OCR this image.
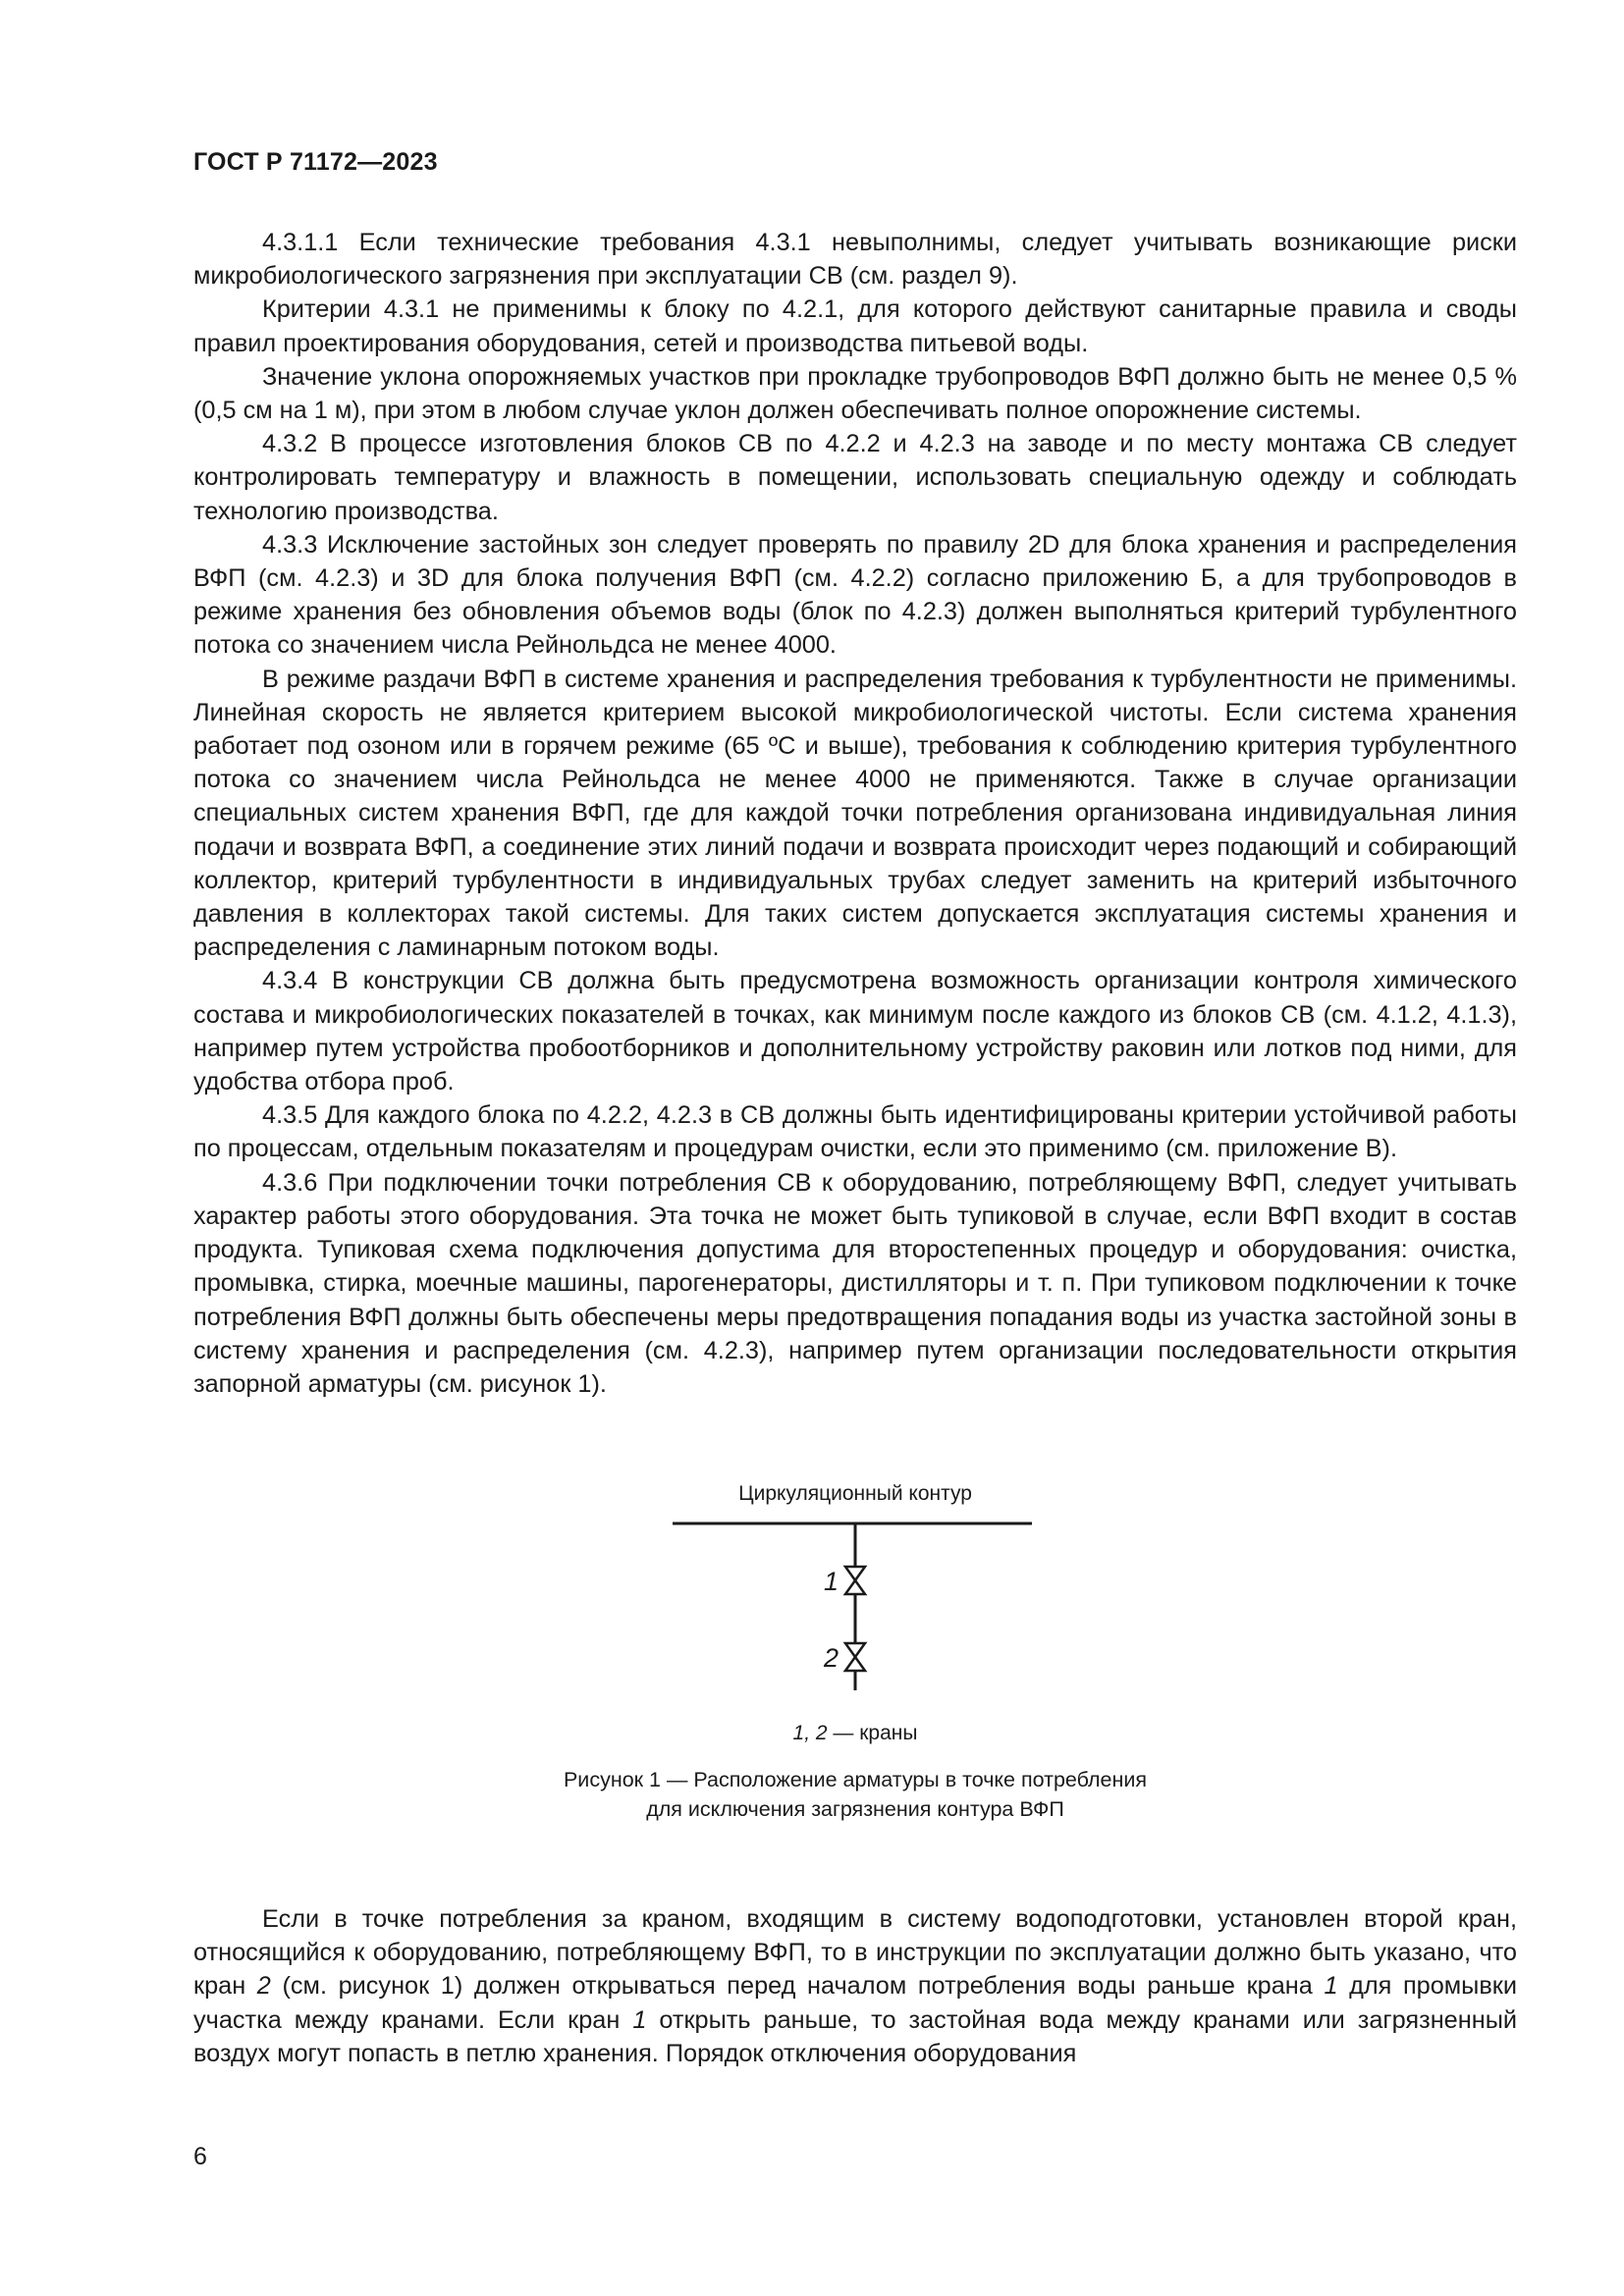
ГОСТ Р 71172—2023

4.3.1.1 Если технические требования 4.3.1 невыполнимы, следует учитывать возникающие риски микробиологического загрязнения при эксплуатации СВ (см. раздел 9).

Критерии 4.3.1 не применимы к блоку по 4.2.1, для которого действуют санитарные правила и своды правил проектирования оборудования, сетей и производства питьевой воды.

Значение уклона опорожняемых участков при прокладке трубопроводов ВФП должно быть не менее 0,5 % (0,5 см на 1 м), при этом в любом случае уклон должен обеспечивать полное опорожнение системы.

4.3.2 В процессе изготовления блоков СВ по 4.2.2 и 4.2.3 на заводе и по месту монтажа СВ следует контролировать температуру и влажность в помещении, использовать специальную одежду и соблюдать технологию производства.

4.3.3 Исключение застойных зон следует проверять по правилу 2D для блока хранения и распределения ВФП (см. 4.2.3) и 3D для блока получения ВФП (см. 4.2.2) согласно приложению Б, а для трубопроводов в режиме хранения без обновления объемов воды (блок по 4.2.3) должен выполняться критерий турбулентного потока со значением числа Рейнольдса не менее 4000.

В режиме раздачи ВФП в системе хранения и распределения требования к турбулентности не применимы. Линейная скорость не является критерием высокой микробиологической чистоты. Если система хранения работает под озоном или в горячем режиме (65 ºС и выше), требования к соблюдению критерия турбулентного потока со значением числа Рейнольдса не менее 4000 не применяются. Также в случае организации специальных систем хранения ВФП, где для каждой точки потребления организована индивидуальная линия подачи и возврата ВФП, а соединение этих линий подачи и возврата происходит через подающий и собирающий коллектор, критерий турбулентности в индивидуальных трубах следует заменить на критерий избыточного давления в коллекторах такой системы. Для таких систем допускается эксплуатация системы хранения и распределения с ламинарным потоком воды.

4.3.4 В конструкции СВ должна быть предусмотрена возможность организации контроля химического состава и микробиологических показателей в точках, как минимум после каждого из блоков СВ (см. 4.1.2, 4.1.3), например путем устройства пробоотборников и дополнительному устройству раковин или лотков под ними, для удобства отбора проб.

4.3.5 Для каждого блока по 4.2.2, 4.2.3 в СВ должны быть идентифицированы критерии устойчивой работы по процессам, отдельным показателям и процедурам очистки, если это применимо (см. приложение В).

4.3.6 При подключении точки потребления СВ к оборудованию, потребляющему ВФП, следует учитывать характер работы этого оборудования. Эта точка не может быть тупиковой в случае, если ВФП входит в состав продукта. Тупиковая схема подключения допустима для второстепенных процедур и оборудования: очистка, промывка, стирка, моечные машины, парогенераторы, дистилляторы и т. п. При тупиковом подключении к точке потребления ВФП должны быть обеспечены меры предотвращения попадания воды из участка застойной зоны в систему хранения и распределения (см. 4.2.3), например путем организации последовательности открытия запорной арматуры (см. рисунок 1).

Циркуляционный контур

1
2

1, 2 — краны

Рисунок 1 — Расположение арматуры в точке потребления
для исключения загрязнения контура ВФП

Если в точке потребления за краном, входящим в систему водоподготовки, установлен второй кран, относящийся к оборудованию, потребляющему ВФП, то в инструкции по эксплуатации должно быть указано, что кран 2 (см. рисунок 1) должен открываться перед началом потребления воды раньше крана 1 для промывки участка между кранами. Если кран 1 открыть раньше, то застойная вода между кранами или загрязненный воздух могут попасть в петлю хранения. Порядок отключения оборудования

6
